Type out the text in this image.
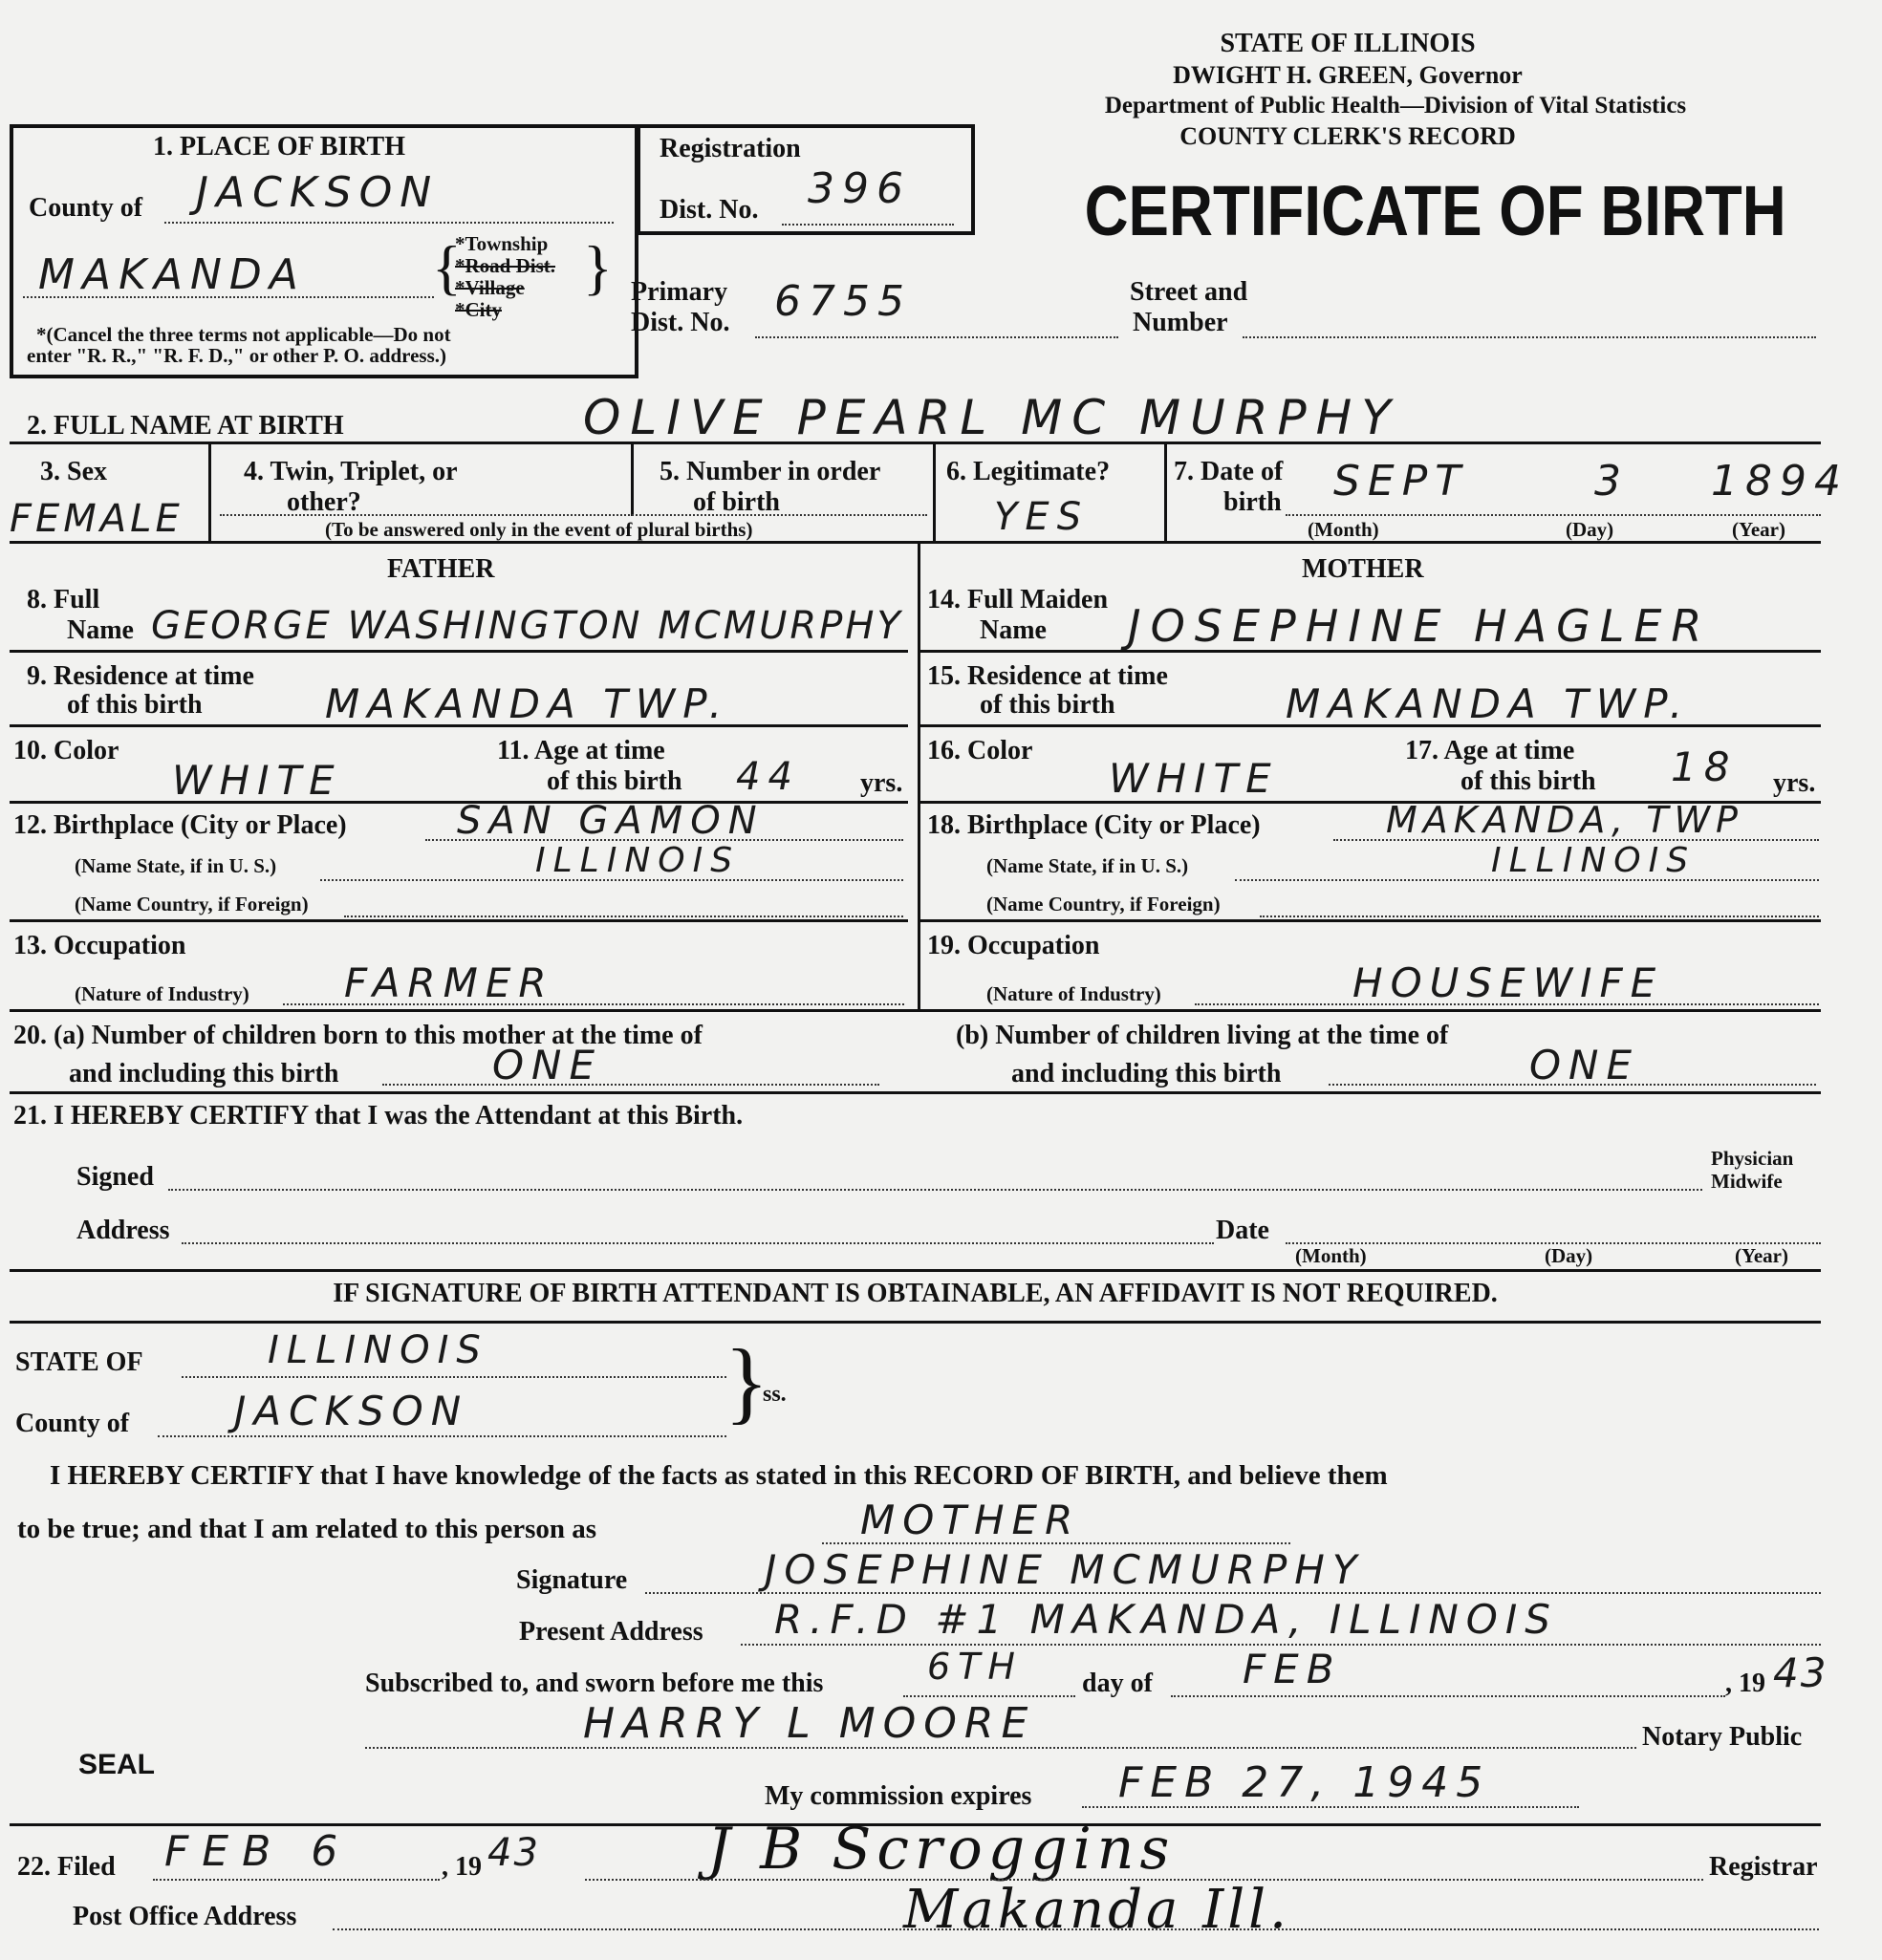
STATE OF ILLINOIS
DWIGHT H. GREEN, Governor
Department of Public Health—Division of Vital Statistics
COUNTY CLERK'S RECORD
CERTIFICATE OF BIRTH
1. PLACE OF BIRTH
County of JACKSON
MAKANDA {
*Township
*Road Dist.
*Village
*City
}
*(Cancel the three terms not applicable—Do not
enter "R. R.," "R. F. D.," or other P. O. address.)
Registration
Dist. No. 396
Primary
Dist. No. 6755	Street and
Number
2. FULL NAME AT BIRTH	OLIVE PEARL MC MURPHY
3. Sex
FEMALE
4. Twin, Triplet, or
other?
(To be answered only in the event of plural births)
5. Number in order
of birth
6. Legitimate?
YES
7. Date of
birth SEPT	3 1894
(Month)	(Day)	(Year)
FATHER
8. Full
Name GEORGE WASHINGTON MCMURPHY
9. Residence at time
of this birth	MAKANDA TWP.
10. Color
WHITE
11. Age at time
of this birth 44 yrs.
12. Birthplace (City or Place)	SAN GAMON
(Name State, if in U. S.)	ILLINOIS
(Name Country, if Foreign)
13. Occupation
(Nature of Industry) FARMER
MOTHER
14. Full Maiden
Name JOSEPHINE HAGLER
15. Residence at time
of this birth	MAKANDA TWP.
16. Color
WHITE
17. Age at time
of this birth 18 yrs.
18. Birthplace (City or Place)	MAKANDA, TWP
(Name State, if in U. S.)	ILLINOIS
(Name Country, if Foreign)
19. Occupation
(Nature of Industry)	HOUSEWIFE
20. (a) Number of children born to this mother at the time of
and including this birth	ONE
(b) Number of children living at the time of
and including this birth	ONE
21. I HEREBY CERTIFY that I was the Attendant at this Birth.
Signed
Physician
Midwife
Address	Date
(Month)	(Day)	(Year)
IF SIGNATURE OF BIRTH ATTENDANT IS OBTAINABLE, AN AFFIDAVIT IS NOT REQUIRED.
STATE OF	ILLINOIS
County of	JACKSON	}
ss.
I HEREBY CERTIFY that I have knowledge of the facts as stated in this RECORD OF BIRTH, and believe them
to be true; and that I am related to this person as	MOTHER
Signature	JOSEPHINE MCMURPHY
Present Address R.F.D #1 MAKANDA, ILLINOIS
Subscribed to, and sworn before me this	6TH day of FEB	, 19 43
HARRY L MOORE	Notary Public
SEAL
My commission expires FEB 27, 1945
22. Filed FEB 6	, 19 43	J B Scroggins	Registrar
Post Office Address	Makanda Ill.
